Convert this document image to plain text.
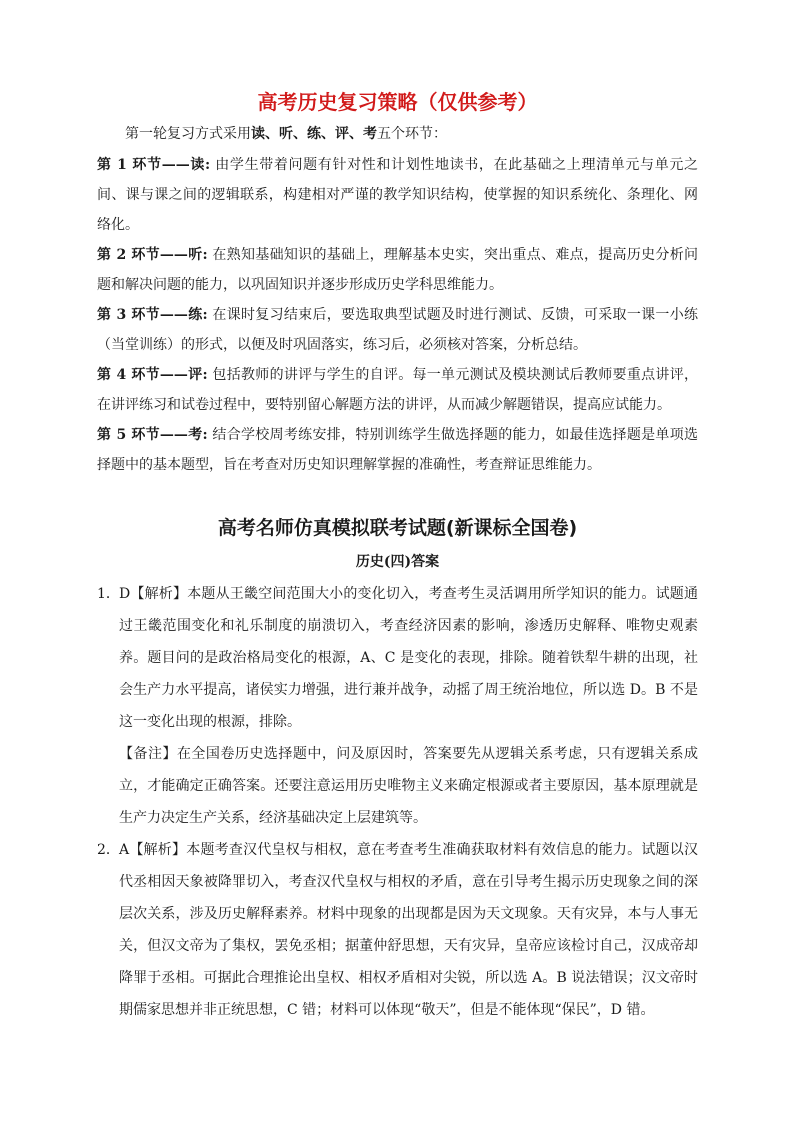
高考历史复习策略（仅供参考）

第一轮复习方式采用读、听、练、评、考五个环节：

第 1 环节——读: 由学生带着问题有针对性和计划性地读书，在此基础之上理清单元与单元之间、课与课之间的逻辑联系，构建相对严谨的教学知识结构，使掌握的知识系统化、条理化、网络化。

第 2 环节——听: 在熟知基础知识的基础上，理解基本史实，突出重点、难点，提高历史分析问题和解决问题的能力，以巩固知识并逐步形成历史学科思维能力。

第 3 环节——练: 在课时复习结束后，要选取典型试题及时进行测试、反馈，可采取一课一小练（当堂训练）的形式，以便及时巩固落实，练习后，必须核对答案，分析总结。

第 4 环节——评: 包括教师的讲评与学生的自评。每一单元测试及模块测试后教师要重点讲评，在讲评练习和试卷过程中，要特别留心解题方法的讲评，从而减少解题错误，提高应试能力。

第 5 环节——考: 结合学校周考练安排，特别训练学生做选择题的能力，如最佳选择题是单项选择题中的基本题型，旨在考查对历史知识理解掌握的准确性，考查辩证思维能力。

高考名师仿真模拟联考试题(新课标全国卷)
历史(四)答案
1． D【解析】本题从王畿空间范围大小的变化切入，考查考生灵活调用所学知识的能力。试题通过王畿范围变化和礼乐制度的崩溃切入，考查经济因素的影响，渗透历史解释、唯物史观素养。题目问的是政治格局变化的根源，A、C 是变化的表现，排除。随着铁犁牛耕的出现，社会生产力水平提高，诸侯实力增强，进行兼并战争，动摇了周王统治地位，所以选 D。B 不是这一变化出现的根源，排除。

【备注】在全国卷历史选择题中，问及原因时，答案要先从逻辑关系考虑，只有逻辑关系成立，才能确定正确答案。还要注意运用历史唯物主义来确定根源或者主要原因，基本原理就是生产力决定生产关系，经济基础决定上层建筑等。

2． A【解析】本题考查汉代皇权与相权，意在考查考生准确获取材料有效信息的能力。试题以汉代丞相因天象被降罪切入，考查汉代皇权与相权的矛盾，意在引导考生揭示历史现象之间的深层次关系，涉及历史解释素养。材料中现象的出现都是因为天文现象。天有灾异，本与人事无关，但汉文帝为了集权，罢免丞相；据董仲舒思想，天有灾异，皇帝应该检讨自己，汉成帝却降罪于丞相。可据此合理推论出皇权、相权矛盾相对尖锐，所以选 A。B 说法错误；汉文帝时期儒家思想并非正统思想，C 错；材料可以体现“敬天”，但是不能体现“保民”，D 错。
